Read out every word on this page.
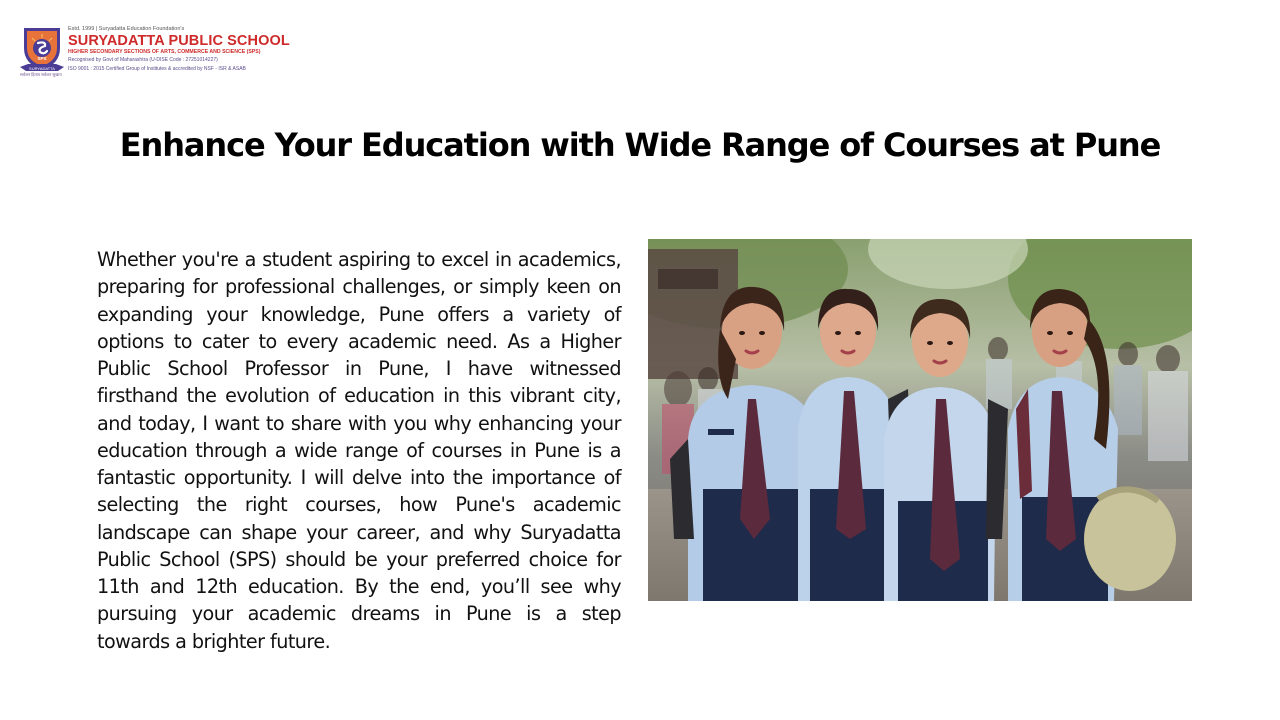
SURYADATTA
SPS
सर्वजन हिताय सर्वजन सुखाय
Estd. 1999 | Suryadatta Education Foundation's
SURYADATTA PUBLIC SCHOOL
HIGHER SECONDARY SECTIONS OF ARTS, COMMERCE AND SCIENCE (SPS)
Recognised by Govt of Maharashtra (U-DISE Code : 27251014227)
ISO 9001 : 2015 Certified Group of Institutes & accredited by NSF - ISR & ASAB
Enhance Your Education with Wide Range of Courses at Pune

Whether you're a student aspiring to excel in academics, preparing for professional challenges, or simply keen on expanding your knowledge, Pune offers a variety of options to cater to every academic need. As a Higher Public School Professor in Pune, I have witnessed firsthand the evolution of education in this vibrant city, and today, I want to share with you why enhancing your education through a wide range of courses in Pune is a fantastic opportunity. I will delve into the importance of selecting the right courses, how Pune's academic landscape can shape your career, and why Suryadatta Public School (SPS) should be your preferred choice for 11th and 12th education. By the end, you’ll see why pursuing your academic dreams in Pune is a step towards a brighter future.
